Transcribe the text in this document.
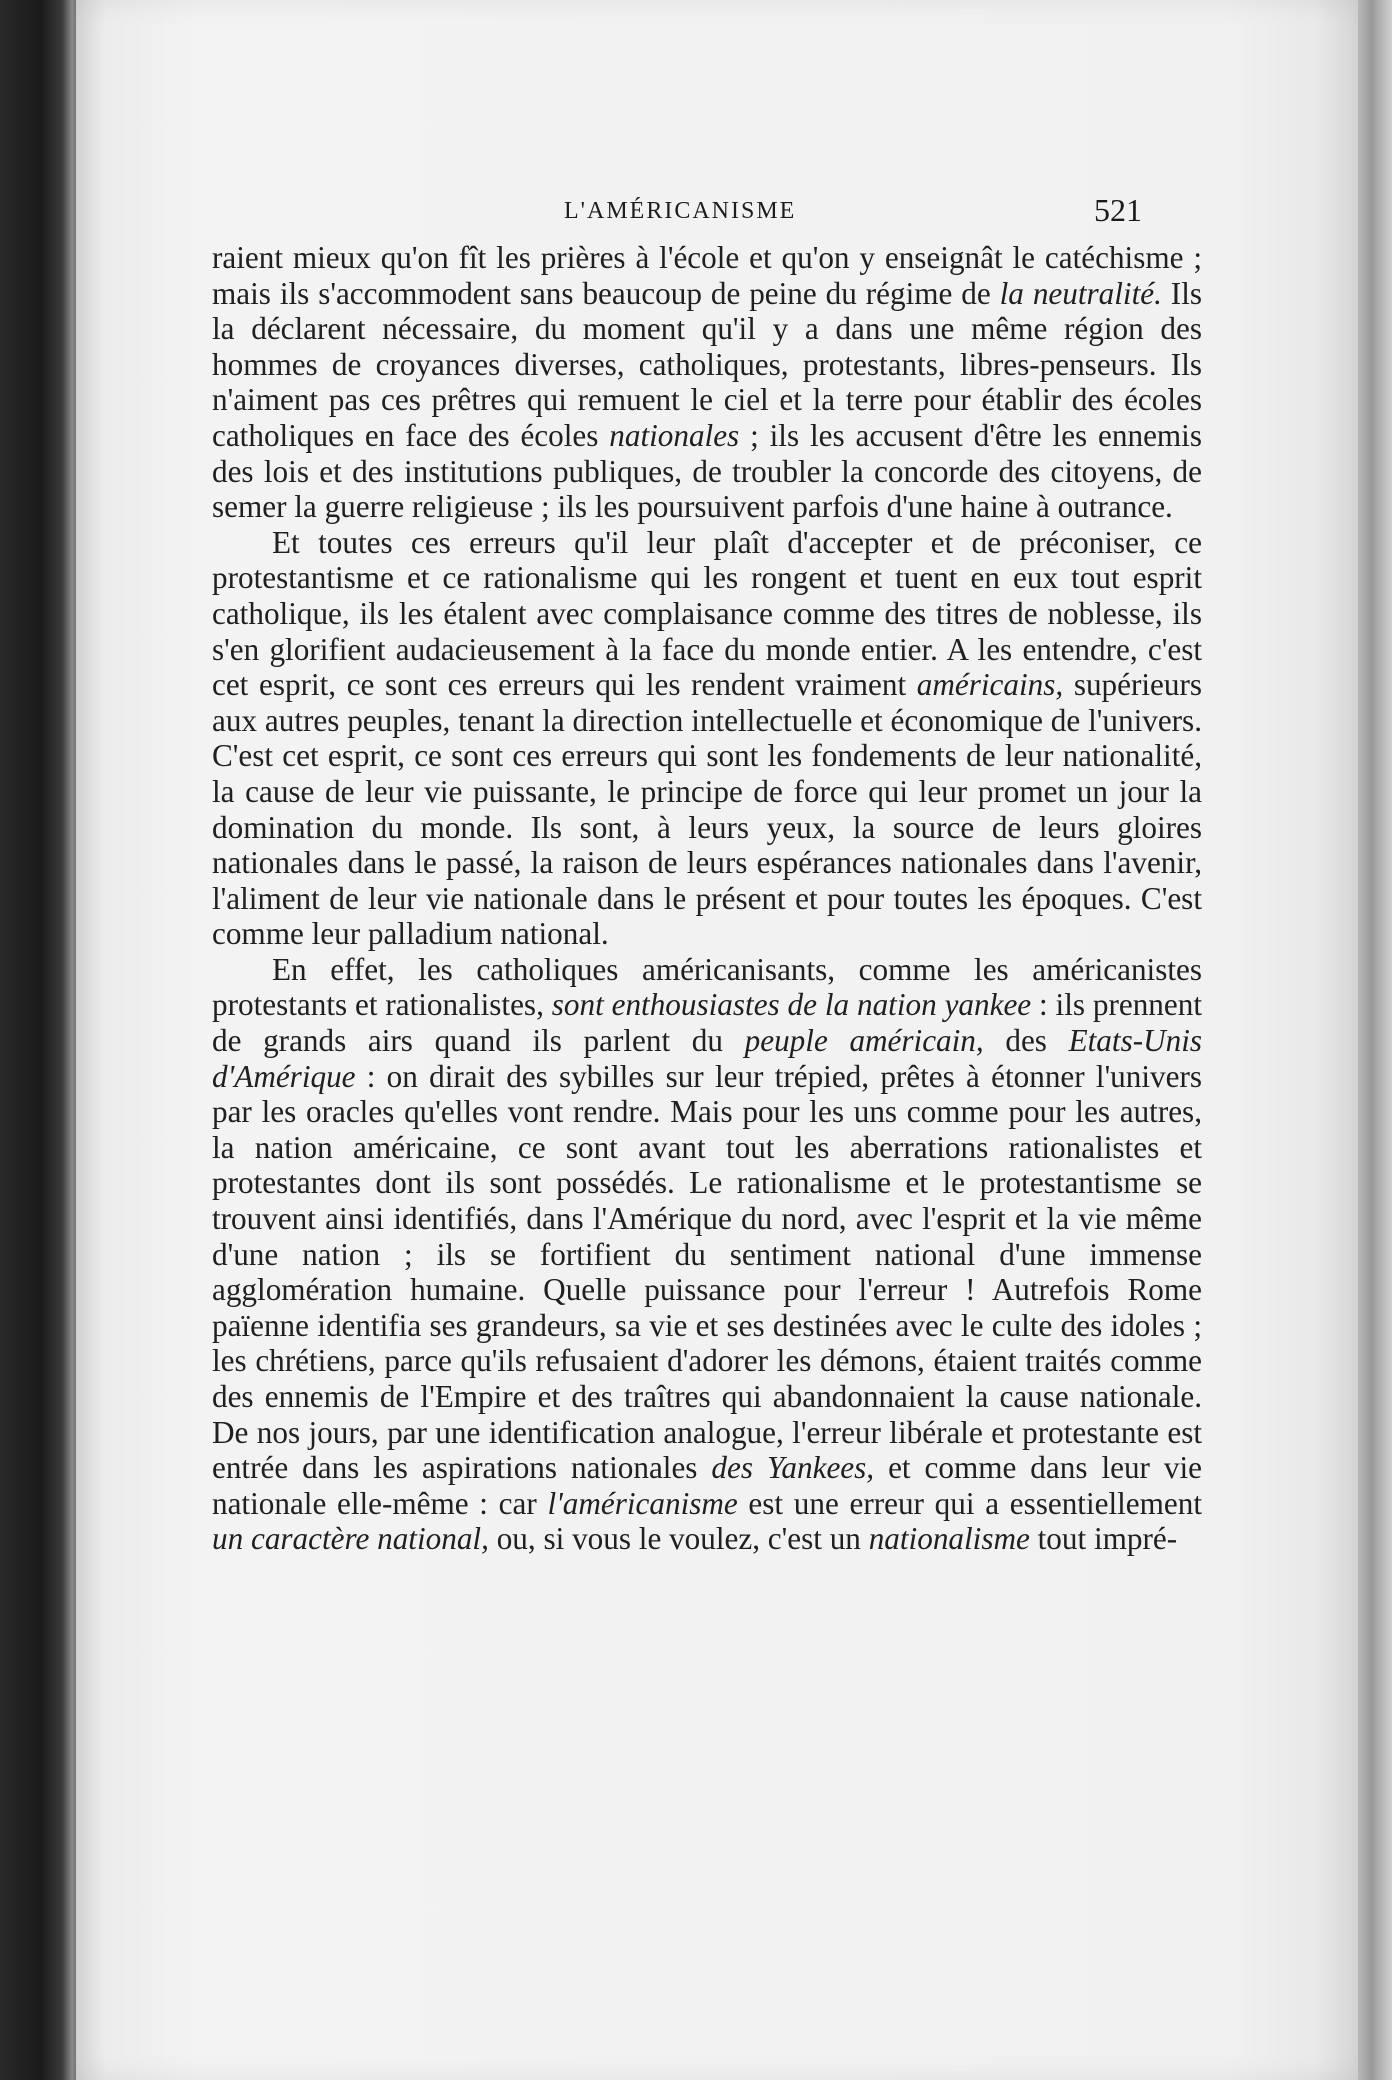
L'AMÉRICANISME	521

raient mieux qu'on fît les prières à l'école et qu'on y enseignât le catéchisme ; mais ils s'accommodent sans beaucoup de peine du régime de la neutralité. Ils la déclarent nécessaire, du moment qu'il y a dans une même région des hommes de croyances diverses, catholiques, protestants, libres-penseurs. Ils n'aiment pas ces prêtres qui remuent le ciel et la terre pour établir des écoles catholiques en face des écoles nationales ; ils les accusent d'être les ennemis des lois et des institutions publiques, de troubler la concorde des citoyens, de semer la guerre religieuse ; ils les poursuivent parfois d'une haine à outrance.

Et toutes ces erreurs qu'il leur plaît d'accepter et de préconiser, ce protestantisme et ce rationalisme qui les rongent et tuent en eux tout esprit catholique, ils les étalent avec complaisance comme des titres de noblesse, ils s'en glorifient audacieusement à la face du monde entier. A les entendre, c'est cet esprit, ce sont ces erreurs qui les rendent vraiment américains, supérieurs aux autres peuples, tenant la direction intellectuelle et économique de l'univers. C'est cet esprit, ce sont ces erreurs qui sont les fondements de leur nationalité, la cause de leur vie puissante, le principe de force qui leur promet un jour la domination du monde. Ils sont, à leurs yeux, la source de leurs gloires nationales dans le passé, la raison de leurs espérances nationales dans l'avenir, l'aliment de leur vie nationale dans le présent et pour toutes les époques. C'est comme leur palladium national.

En effet, les catholiques américanisants, comme les américanistes protestants et rationalistes, sont enthousiastes de la nation yankee : ils prennent de grands airs quand ils parlent du peuple américain, des Etats-Unis d'Amérique : on dirait des sybilles sur leur trépied, prêtes à étonner l'univers par les oracles qu'elles vont rendre. Mais pour les uns comme pour les autres, la nation américaine, ce sont avant tout les aberrations rationalistes et protestantes dont ils sont possédés. Le rationalisme et le protestantisme se trouvent ainsi identifiés, dans l'Amérique du nord, avec l'esprit et la vie même d'une nation ; ils se fortifient du sentiment national d'une immense agglomération humaine. Quelle puissance pour l'erreur ! Autrefois Rome païenne identifia ses grandeurs, sa vie et ses destinées avec le culte des idoles ; les chrétiens, parce qu'ils refusaient d'adorer les démons, étaient traités comme des ennemis de l'Empire et des traîtres qui abandonnaient la cause nationale. De nos jours, par une identification analogue, l'erreur libérale et protestante est entrée dans les aspirations nationales des Yankees, et comme dans leur vie nationale elle-même : car l'américanisme est une erreur qui a essentiellement un caractère national, ou, si vous le voulez, c'est un nationalisme tout impré-
